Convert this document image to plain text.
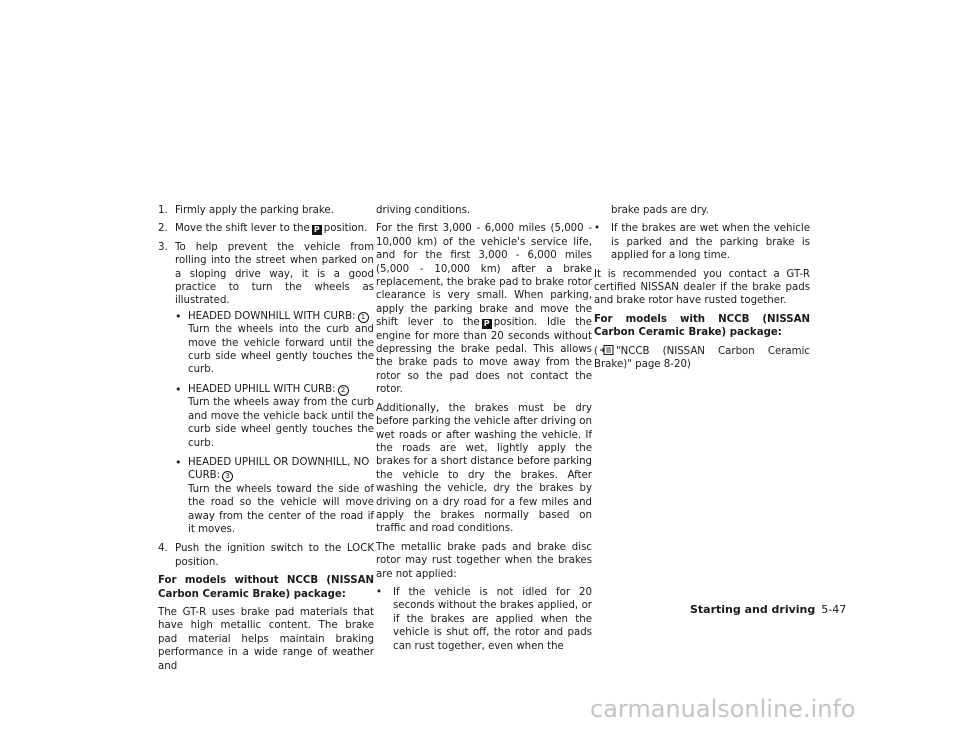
1. Firmly apply the parking brake.
2. Move the shift lever to the P position.
3. To help prevent the vehicle from rolling into the street when parked on a sloping drive way, it is a good practice to turn the wheels as illustrated.
• HEADED DOWNHILL WITH CURB: 1
Turn the wheels into the curb and move the vehicle forward until the curb side wheel gently touches the curb.
• HEADED UPHILL WITH CURB: 2
Turn the wheels away from the curb and move the vehicle back until the curb side wheel gently touches the curb.
• HEADED UPHILL OR DOWNHILL, NO CURB: 3
Turn the wheels toward the side of the road so the vehicle will move away from the center of the road if it moves.
4. Push the ignition switch to the LOCK position.

For models without NCCB (NISSAN Carbon Ceramic Brake) package:

The GT-R uses brake pad materials that have high metallic content. The brake pad material helps maintain braking performance in a wide range of weather and

driving conditions.

For the first 3,000 - 6,000 miles (5,000 - 10,000 km) of the vehicle's service life, and for the first 3,000 - 6,000 miles (5,000 - 10,000 km) after a brake replacement, the brake pad to brake rotor clearance is very small. When parking, apply the parking brake and move the shift lever to the P position. Idle the engine for more than 20 seconds without depressing the brake pedal. This allows the brake pads to move away from the rotor so the pad does not contact the rotor.

Additionally, the brakes must be dry before parking the vehicle after driving on wet roads or after washing the vehicle. If the roads are wet, lightly apply the brakes for a short distance before parking the vehicle to dry the brakes. After washing the vehicle, dry the brakes by driving on a dry road for a few miles and apply the brakes normally based on traffic and road conditions.

The metallic brake pads and brake disc rotor may rust together when the brakes are not applied:

•	If the vehicle is not idled for 20 seconds without the brakes applied, or if the brakes are applied when the vehicle is shut off, the rotor and pads can rust together, even when the

brake pads are dry.

•	If the brakes are wet when the vehicle is parked and the parking brake is applied for a long time.

It is recommended you contact a GT-R certified NISSAN dealer if the brake pads and brake rotor have rusted together.

For models with NCCB (NISSAN Carbon Ceramic Brake) package:

( "NCCB (NISSAN Carbon Ceramic Brake)" page 8-20)

Starting and driving 5-47
carmanualsonline.info
